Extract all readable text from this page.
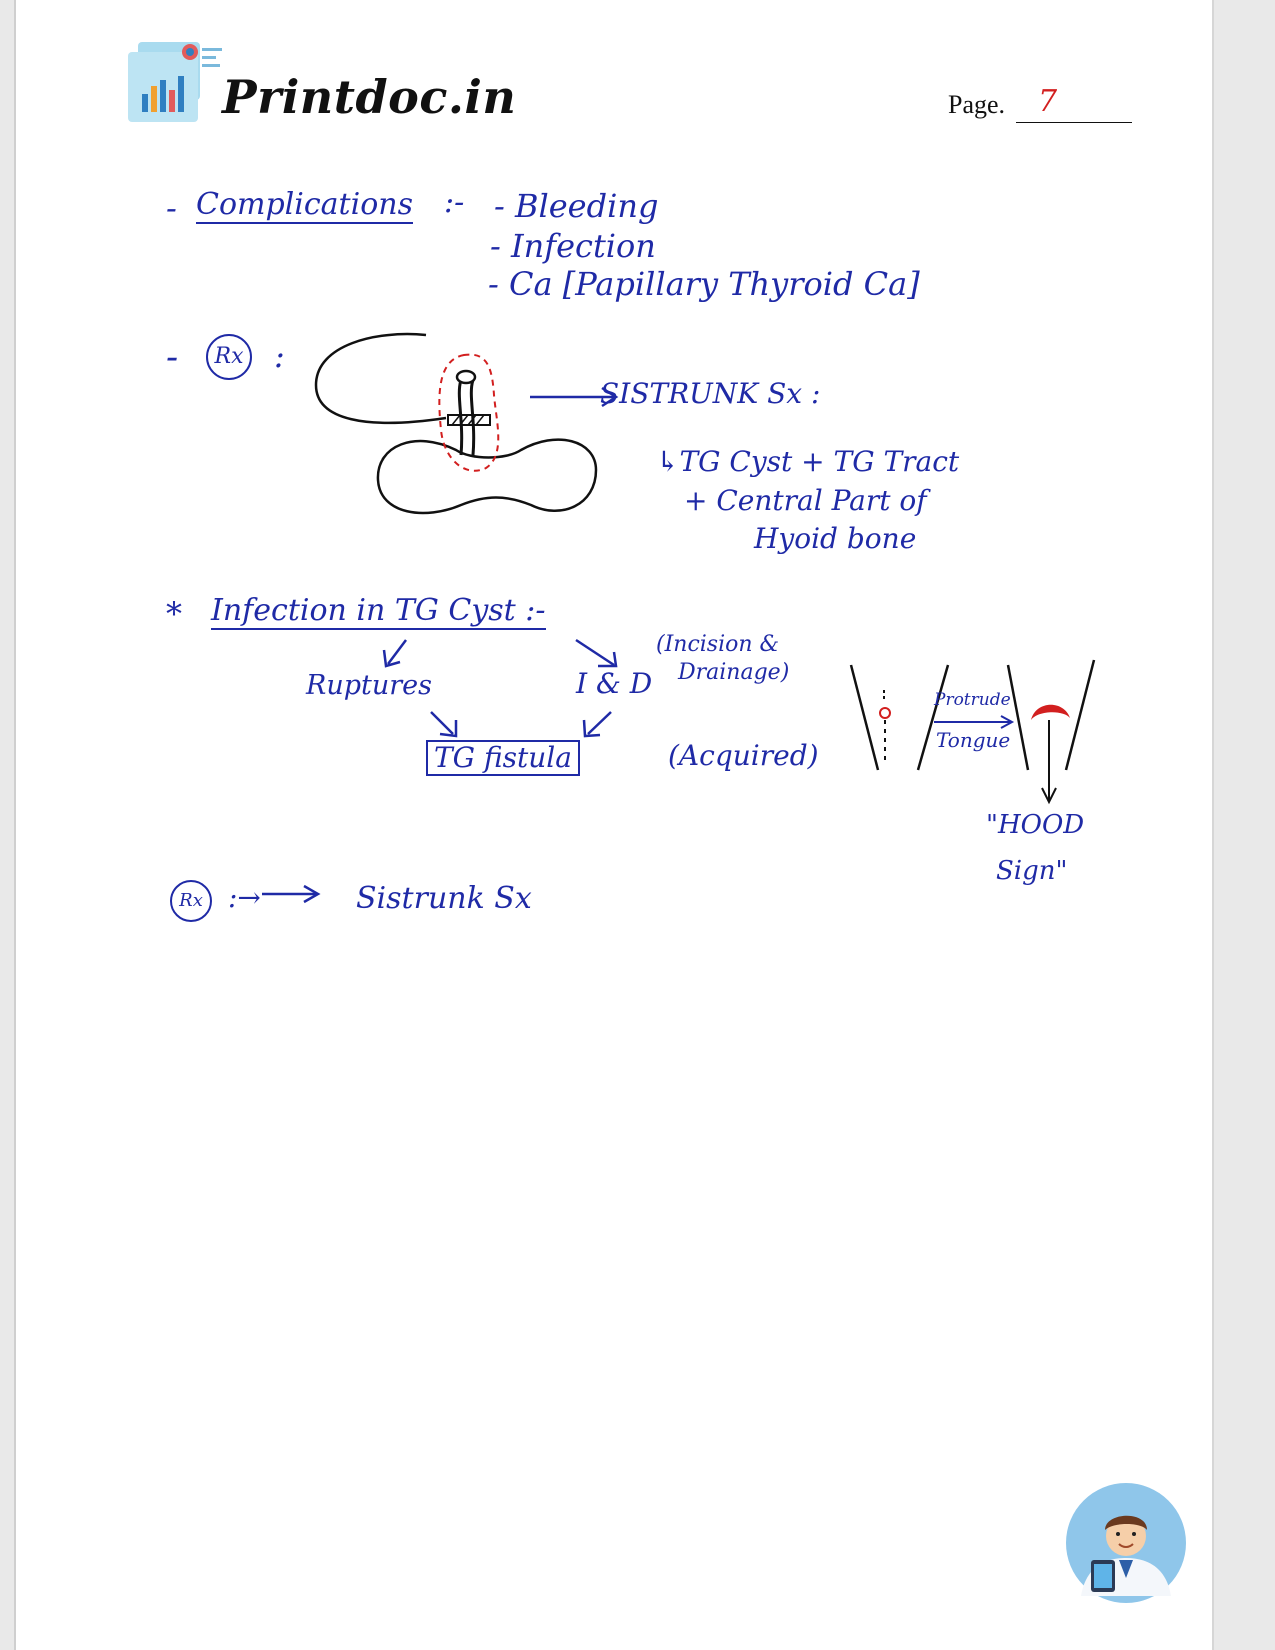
Printdoc.in	Page. 7
- Complications :- - Bleeding
- Infection
- Ca [Papillary Thyroid Ca]
-	Rx :
SISTRUNK Sx :
↳TG Cyst + TG Tract
+ Central Part of
Hyoid bone
* Infection in TG Cyst :-
Ruptures	I & D
(Incision &
Drainage)
TG fistula	(Acquired)
Protrude
Tongue
"HOOD
Sign"
Rx :→	Sistrunk Sx
